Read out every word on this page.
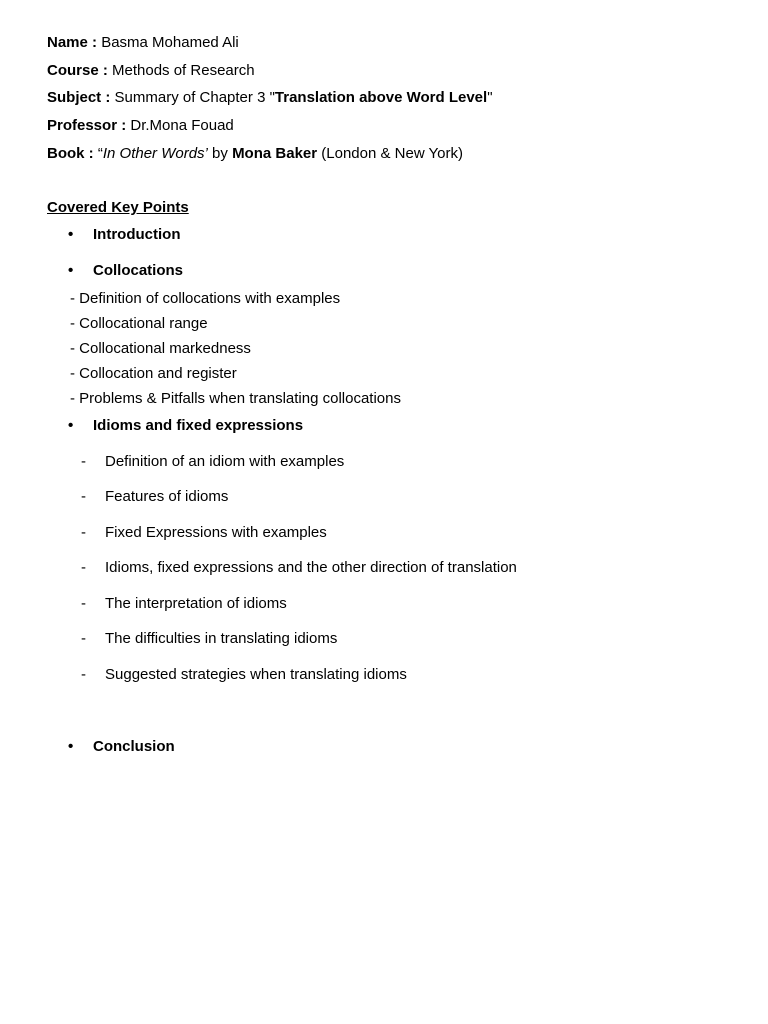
Name : Basma Mohamed Ali
Course : Methods of Research
Subject : Summary of Chapter 3 "Translation above Word Level"
Professor : Dr.Mona Fouad
Book : “In Other Words’ by Mona Baker (London & New York)
Covered Key Points
• Introduction
• Collocations
- Definition of collocations with examples
- Collocational range
- Collocational markedness
- Collocation and register
- Problems & Pitfalls when translating collocations
• Idioms and fixed expressions
- Definition of an idiom with examples
- Features of idioms
- Fixed Expressions with examples
- Idioms, fixed expressions and the other direction of translation
- The interpretation of idioms
- The difficulties in translating idioms
- Suggested strategies when translating idioms
• Conclusion
